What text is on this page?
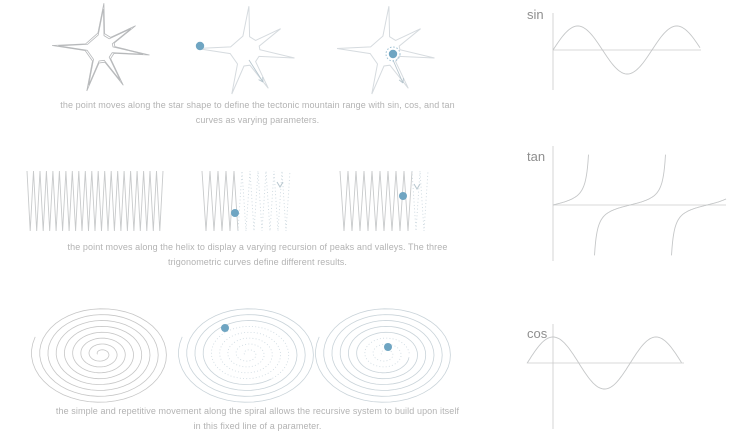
the point moves along the star shape to define the tectonic mountain range with sin, cos, and tan curves as varying parameters.

the point moves along the helix to display a varying recursion of peaks and valleys. The three trigonometric curves define different results.

the simple and repetitive movement along the spiral allows the recursive system to build upon itself in this fixed line of a parameter.

sin
tan
cos
